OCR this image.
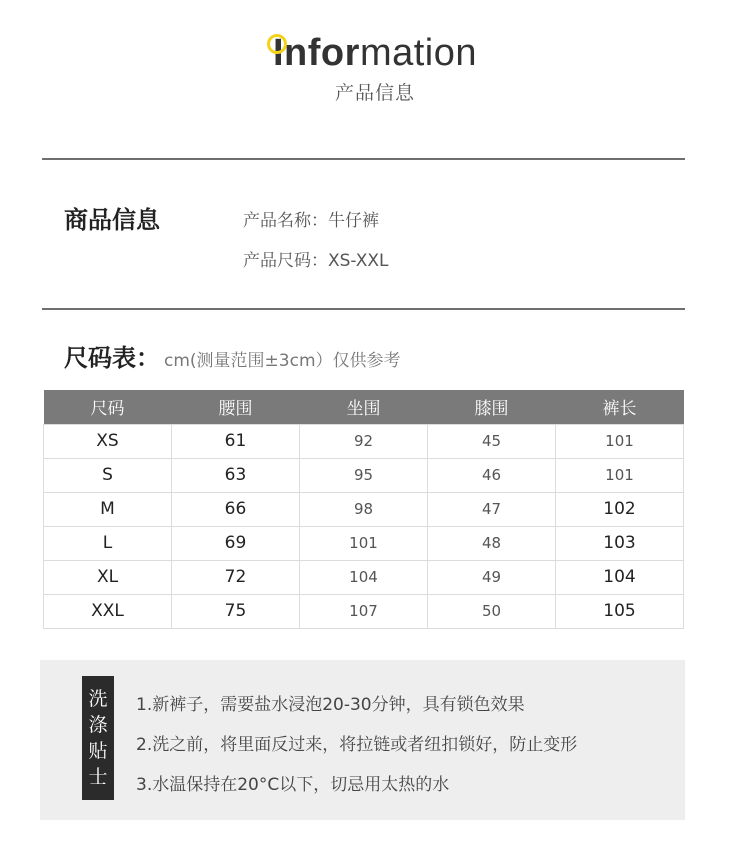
Information
产品信息
商品信息	产品名称：牛仔裤
产品尺码：XS-XXL
尺码表： cm(测量范围±3cm）仅供参考
尺码	腰围	坐围	膝围	裤长
XS	61	92	45	101
S	63	95	46	101
M	66	98	47	102
L	69	101	48	103
XL	72	104	49	104
XXL	75	107	50	105
洗
涤
贴
士
1.新裤子，需要盐水浸泡20-30分钟，具有锁色效果
2.洗之前，将里面反过来，将拉链或者纽扣锁好，防止变形
3.水温保持在20°C以下，切忌用太热的水
